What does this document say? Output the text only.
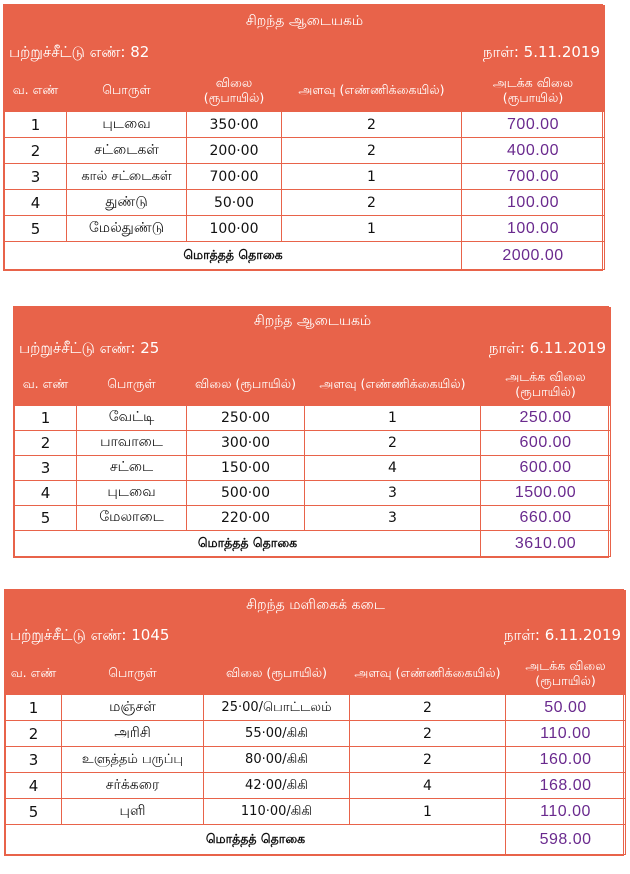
சிறந்த ஆடையகம்				
பற்றுச்சீட்டு எண்: 82			நாள்: 5.11.2019	
வ. எண்	பொருள்	விலை (ரூபாயில்)	அளவு (எண்ணிக்கையில்)	அடக்க விலை (ரூபாயில்)
1	புடவை	350·00	2	700.00
2	சட்டைகள்	200·00	2	400.00
3	கால் சட்டைகள்	700·00	1	700.00
4	துண்டு	50·00	2	100.00
5	மேல்துண்டு	100·00	1	100.00
மொத்தத் தொகை				2000.00
சிறந்த ஆடையகம்				
பற்றுச்சீட்டு எண்: 25			நாள்: 6.11.2019	
வ. எண்	பொருள்	விலை (ரூபாயில்)	அளவு (எண்ணிக்கையில்)	அடக்க விலை (ரூபாயில்)
1	வேட்டி	250·00	1	250.00
2	பாவாடை	300·00	2	600.00
3	சட்டை	150·00	4	600.00
4	புடவை	500·00	3	1500.00
5	மேலாடை	220·00	3	660.00
மொத்தத் தொகை				3610.00
சிறந்த மளிகைக் கடை				
பற்றுச்சீட்டு எண்: 1045			நாள்: 6.11.2019	
வ. எண்	பொருள்	விலை (ரூபாயில்)	அளவு (எண்ணிக்கையில்)	அடக்க விலை (ரூபாயில்)
1	மஞ்சள்	25·00/பொட்டலம்	2	50.00
2	அரிசி	55·00/கிகி	2	110.00
3	உளுத்தம் பருப்பு	80·00/கிகி	2	160.00
4	சர்க்கரை	42·00/கிகி	4	168.00
5	புளி	110·00/கிகி	1	110.00
மொத்தத் தொகை				598.00
